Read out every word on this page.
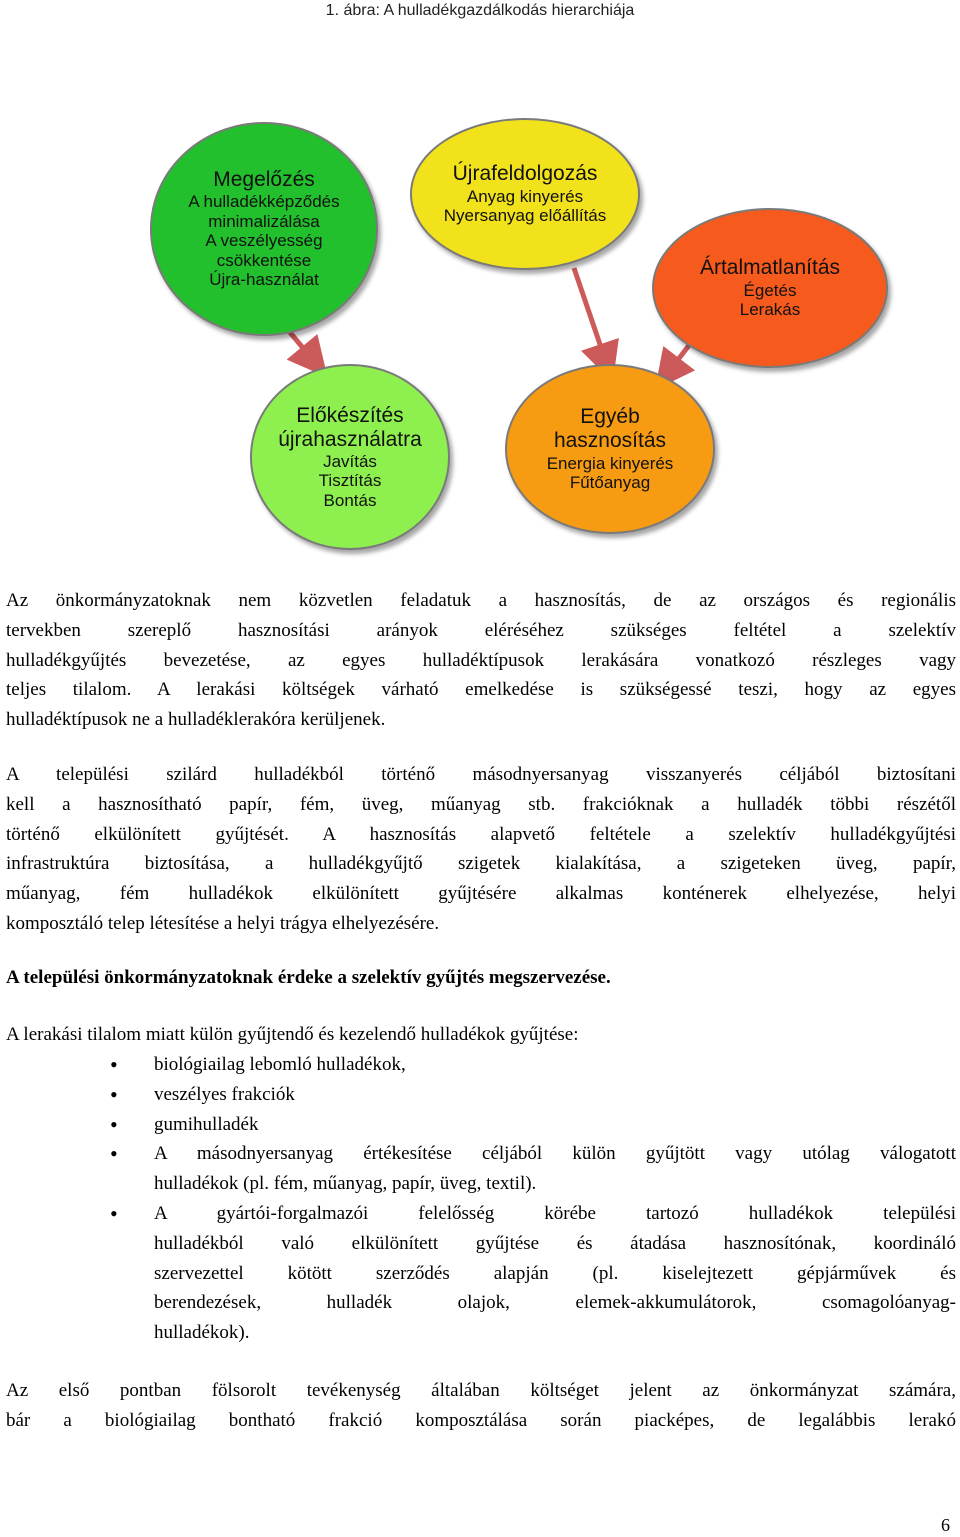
1. ábra: A hulladékgazdálkodás hierarchiája
Megelőzés
A hulladékképződés
minimalizálása
A veszélyesség
csökkentése
Újra-használat
Újrafeldolgozás
Anyag kinyerés
Nyersanyag előállítás
Ártalmatlanítás
Égetés
Lerakás
Előkészítés
újrahasználatra
Javítás
Tisztítás
Bontás
Egyéb
hasznosítás
Energia kinyerés
Fűtőanyag

Az önkormányzatoknak nem közvetlen feladatuk a hasznosítás, de az országos és regionális

tervekben szereplő hasznosítási arányok eléréséhez szükséges feltétel a szelektív

hulladékgyűjtés bevezetése, az egyes hulladéktípusok lerakására vonatkozó részleges vagy

teljes tilalom. A lerakási költségek várható emelkedése is szükségessé teszi, hogy az egyes

hulladéktípusok ne a hulladéklerakóra kerüljenek.

A települési szilárd hulladékból történő másodnyersanyag visszanyerés céljából biztosítani

kell a hasznosítható papír, fém, üveg, műanyag stb. frakcióknak a hulladék többi részétől

történő elkülönített gyűjtését. A hasznosítás alapvető feltétele a szelektív hulladékgyűjtési

infrastruktúra biztosítása, a hulladékgyűjtő szigetek kialakítása, a szigeteken üveg, papír,

műanyag, fém hulladékok elkülönített gyűjtésére alkalmas konténerek elhelyezése, helyi

komposztáló telep létesítése a helyi trágya elhelyezésére.

A települési önkormányzatoknak érdeke a szelektív gyűjtés megszervezése.
A lerakási tilalom miatt külön gyűjtendő és kezelendő hulladékok gyűjtése:

• biológiailag lebomló hulladékok,

• veszélyes frakciók

• gumihulladék

• A másodnyersanyag értékesítése céljából külön gyűjtött vagy utólag válogatott

hulladékok (pl. fém, műanyag, papír, üveg, textil).

• A gyártói-forgalmazói felelősség körébe tartozó hulladékok települési

hulladékból való elkülönített gyűjtése és átadása hasznosítónak, koordináló

szervezettel kötött szerződés alapján (pl. kiselejtezett gépjárművek és

berendezések, hulladék olajok, elemek-akkumulátorok, csomagolóanyag-

hulladékok).

Az első pontban fölsorolt tevékenység általában költséget jelent az önkormányzat számára,

bár a biológiailag bontható frakció komposztálása során piacképes, de legalábbis lerakó

6
